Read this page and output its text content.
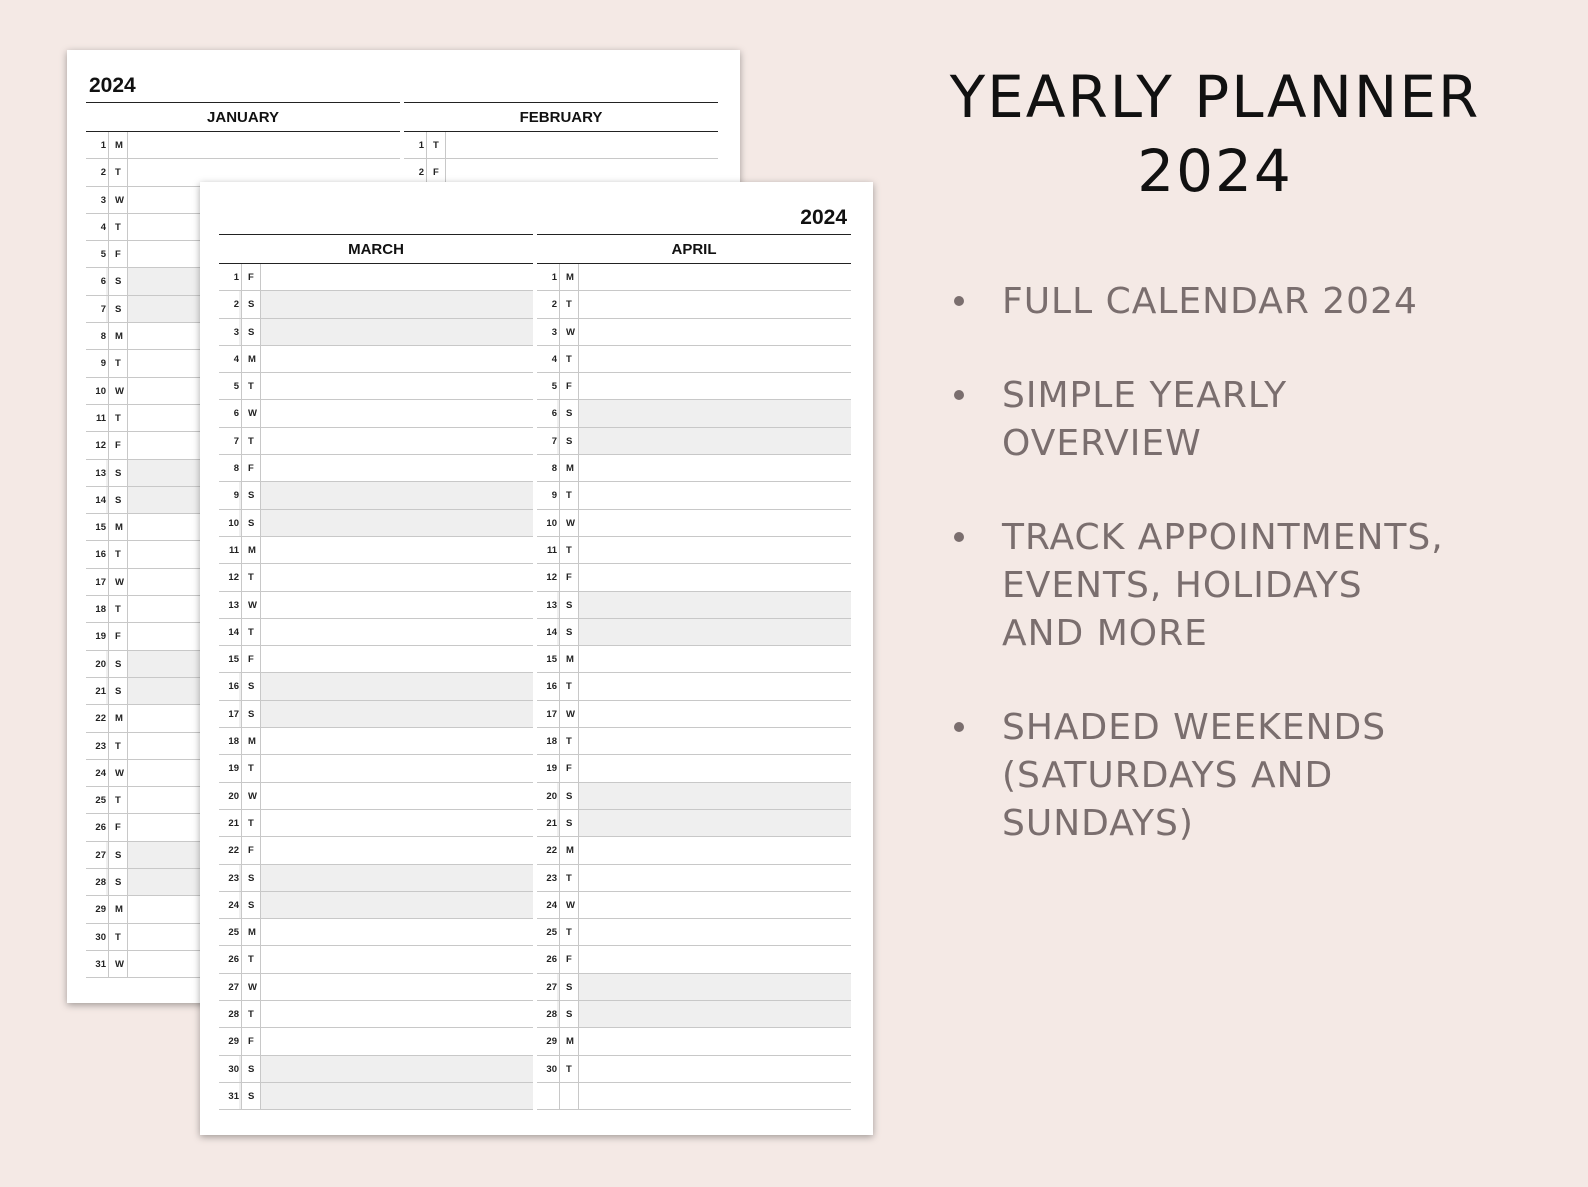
2024
JANUARY
1 M
2 T
3 W
4 T
5 F
6 S
7 S
8 M
9 T
10 W
11 T
12 F
13 S
14 S
15 M
16 T
17 W
18 T
19 F
20 S
21 S
22 M
23 T
24 W
25 T
26 F
27 S
28 S
29 M
30 T
31 W
FEBRUARY
1 T
2 F
2024
MARCH
1 F
2 S
3 S
4 M
5 T
6 W
7 T
8 F
9 S
10 S
11 M
12 T
13 W
14 T
15 F
16 S
17 S
18 M
19 T
20 W
21 T
22 F
23 S
24 S
25 M
26 T
27 W
28 T
29 F
30 S
31 S
APRIL
1 M
2 T
3 W
4 T
5 F
6 S
7 S
8 M
9 T
10 W
11 T
12 F
13 S
14 S
15 M
16 T
17 W
18 T
19 F
20 S
21 S
22 M
23 T
24 W
25 T
26 F
27 S
28 S
29 M
30 T
YEARLY PLANNER
2024
FULL CALENDAR 2024
SIMPLE YEARLY
OVERVIEW
TRACK APPOINTMENTS,
EVENTS, HOLIDAYS
AND MORE
SHADED WEEKENDS
(SATURDAYS AND
SUNDAYS)
